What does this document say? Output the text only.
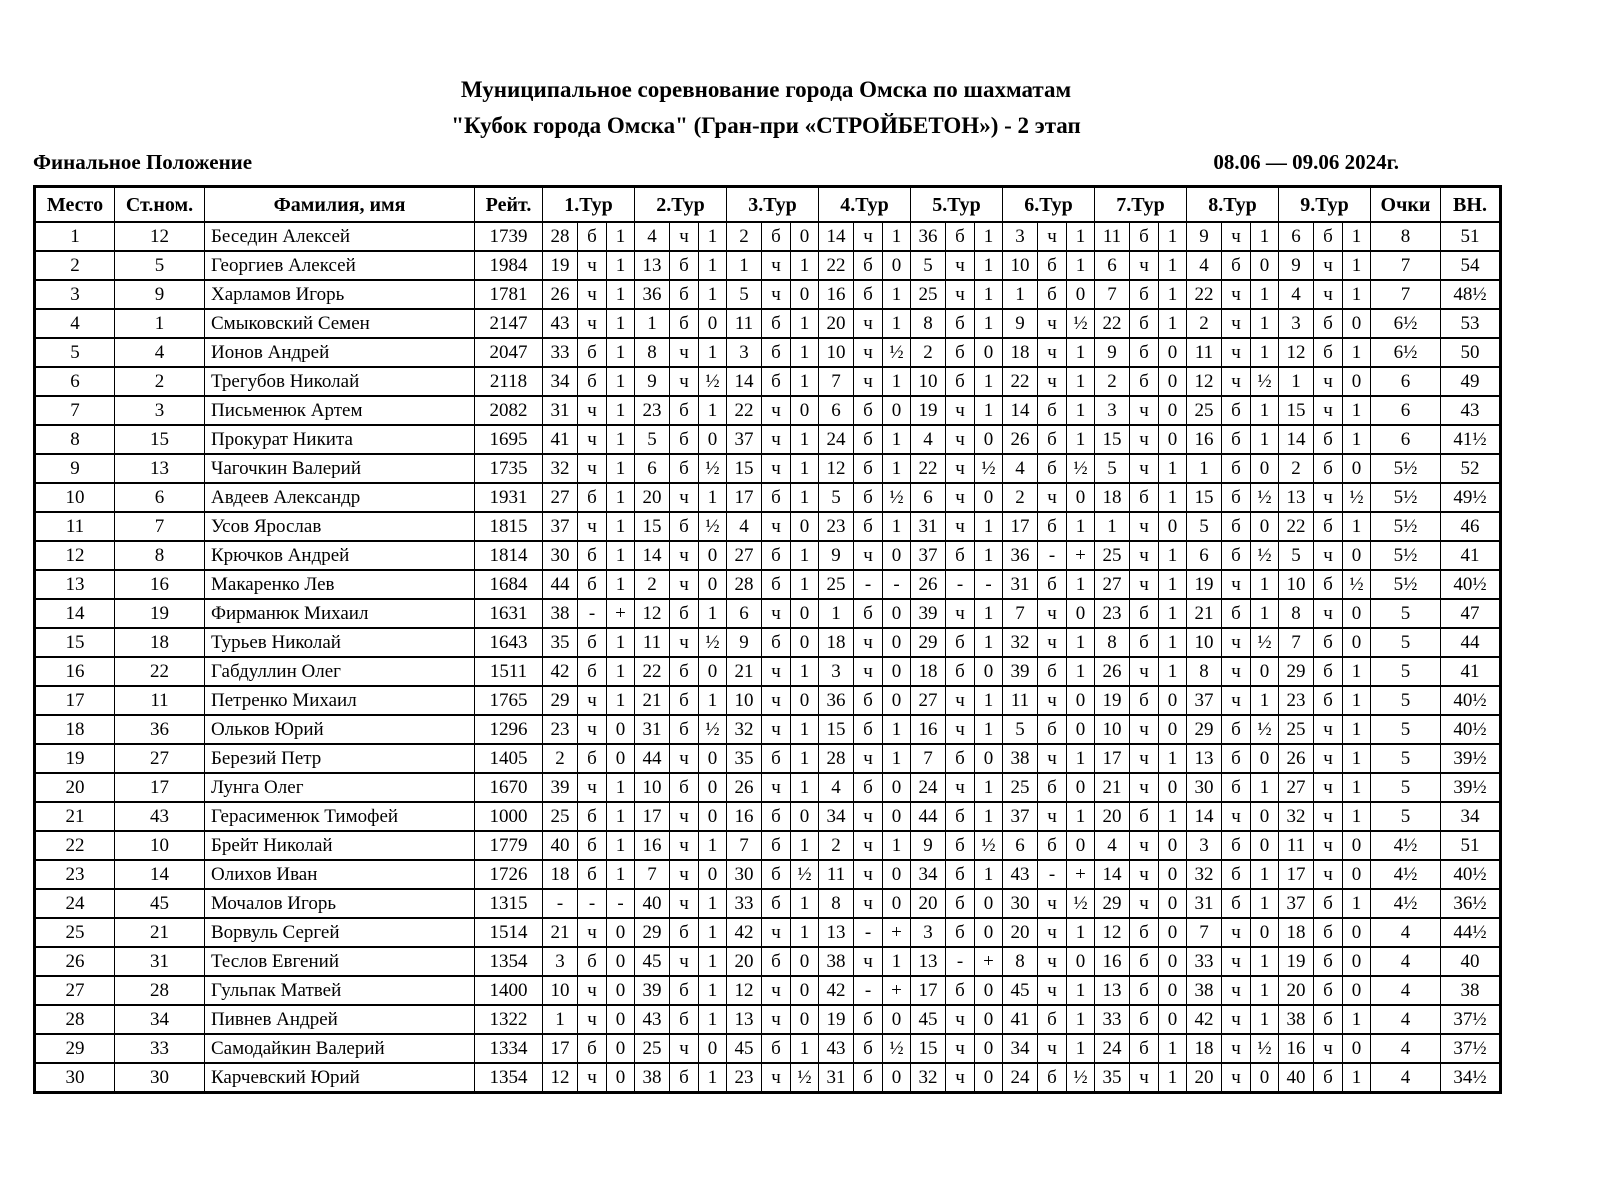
Муниципальное соревнование города Омска по шахматам
"Кубок города Омска" (Гран-при «СТРОЙБЕТОН») - 2 этап
Финальное Положение	08.06 — 09.06 2024г.
Место	Ст.ном.	Фамилия, имя	Рейт.	1.Тур			2.Тур			3.Тур			4.Тур			5.Тур			6.Тур			7.Тур			8.Тур			9.Тур			Очки	ВН.
1	12	Беседин Алексей	1739	28	б	1	4	ч	1	2	б	0	14	ч	1	36	б	1	3	ч	1	11	б	1	9	ч	1	6	б	1	8	51
2	5	Георгиев Алексей	1984	19	ч	1	13	б	1	1	ч	1	22	б	0	5	ч	1	10	б	1	6	ч	1	4	б	0	9	ч	1	7	54
3	9	Харламов Игорь	1781	26	ч	1	36	б	1	5	ч	0	16	б	1	25	ч	1	1	б	0	7	б	1	22	ч	1	4	ч	1	7	48½
4	1	Смыковский Семен	2147	43	ч	1	1	б	0	11	б	1	20	ч	1	8	б	1	9	ч	½	22	б	1	2	ч	1	3	б	0	6½	53
5	4	Ионов Андрей	2047	33	б	1	8	ч	1	3	б	1	10	ч	½	2	б	0	18	ч	1	9	б	0	11	ч	1	12	б	1	6½	50
6	2	Трегубов Николай	2118	34	б	1	9	ч	½	14	б	1	7	ч	1	10	б	1	22	ч	1	2	б	0	12	ч	½	1	ч	0	6	49
7	3	Письменюк Артем	2082	31	ч	1	23	б	1	22	ч	0	6	б	0	19	ч	1	14	б	1	3	ч	0	25	б	1	15	ч	1	6	43
8	15	Прокурат Никита	1695	41	ч	1	5	б	0	37	ч	1	24	б	1	4	ч	0	26	б	1	15	ч	0	16	б	1	14	б	1	6	41½
9	13	Чагочкин Валерий	1735	32	ч	1	6	б	½	15	ч	1	12	б	1	22	ч	½	4	б	½	5	ч	1	1	б	0	2	б	0	5½	52
10	6	Авдеев Александр	1931	27	б	1	20	ч	1	17	б	1	5	б	½	6	ч	0	2	ч	0	18	б	1	15	б	½	13	ч	½	5½	49½
11	7	Усов Ярослав	1815	37	ч	1	15	б	½	4	ч	0	23	б	1	31	ч	1	17	б	1	1	ч	0	5	б	0	22	б	1	5½	46
12	8	Крючков Андрей	1814	30	б	1	14	ч	0	27	б	1	9	ч	0	37	б	1	36	-	+	25	ч	1	6	б	½	5	ч	0	5½	41
13	16	Макаренко Лев	1684	44	б	1	2	ч	0	28	б	1	25	-	-	26	-	-	31	б	1	27	ч	1	19	ч	1	10	б	½	5½	40½
14	19	Фирманюк Михаил	1631	38	-	+	12	б	1	6	ч	0	1	б	0	39	ч	1	7	ч	0	23	б	1	21	б	1	8	ч	0	5	47
15	18	Турьев Николай	1643	35	б	1	11	ч	½	9	б	0	18	ч	0	29	б	1	32	ч	1	8	б	1	10	ч	½	7	б	0	5	44
16	22	Габдуллин Олег	1511	42	б	1	22	б	0	21	ч	1	3	ч	0	18	б	0	39	б	1	26	ч	1	8	ч	0	29	б	1	5	41
17	11	Петренко Михаил	1765	29	ч	1	21	б	1	10	ч	0	36	б	0	27	ч	1	11	ч	0	19	б	0	37	ч	1	23	б	1	5	40½
18	36	Ольков Юрий	1296	23	ч	0	31	б	½	32	ч	1	15	б	1	16	ч	1	5	б	0	10	ч	0	29	б	½	25	ч	1	5	40½
19	27	Березий Петр	1405	2	б	0	44	ч	0	35	б	1	28	ч	1	7	б	0	38	ч	1	17	ч	1	13	б	0	26	ч	1	5	39½
20	17	Лунга Олег	1670	39	ч	1	10	б	0	26	ч	1	4	б	0	24	ч	1	25	б	0	21	ч	0	30	б	1	27	ч	1	5	39½
21	43	Герасименюк Тимофей	1000	25	б	1	17	ч	0	16	б	0	34	ч	0	44	б	1	37	ч	1	20	б	1	14	ч	0	32	ч	1	5	34
22	10	Брейт Николай	1779	40	б	1	16	ч	1	7	б	1	2	ч	1	9	б	½	6	б	0	4	ч	0	3	б	0	11	ч	0	4½	51
23	14	Олихов Иван	1726	18	б	1	7	ч	0	30	б	½	11	ч	0	34	б	1	43	-	+	14	ч	0	32	б	1	17	ч	0	4½	40½
24	45	Мочалов Игорь	1315	-	-	-	40	ч	1	33	б	1	8	ч	0	20	б	0	30	ч	½	29	ч	0	31	б	1	37	б	1	4½	36½
25	21	Ворвуль Сергей	1514	21	ч	0	29	б	1	42	ч	1	13	-	+	3	б	0	20	ч	1	12	б	0	7	ч	0	18	б	0	4	44½
26	31	Теслов Евгений	1354	3	б	0	45	ч	1	20	б	0	38	ч	1	13	-	+	8	ч	0	16	б	0	33	ч	1	19	б	0	4	40
27	28	Гульпак Матвей	1400	10	ч	0	39	б	1	12	ч	0	42	-	+	17	б	0	45	ч	1	13	б	0	38	ч	1	20	б	0	4	38
28	34	Пивнев Андрей	1322	1	ч	0	43	б	1	13	ч	0	19	б	0	45	ч	0	41	б	1	33	б	0	42	ч	1	38	б	1	4	37½
29	33	Самодайкин Валерий	1334	17	б	0	25	ч	0	45	б	1	43	б	½	15	ч	0	34	ч	1	24	б	1	18	ч	½	16	ч	0	4	37½
30	30	Карчевский Юрий	1354	12	ч	0	38	б	1	23	ч	½	31	б	0	32	ч	0	24	б	½	35	ч	1	20	ч	0	40	б	1	4	34½
